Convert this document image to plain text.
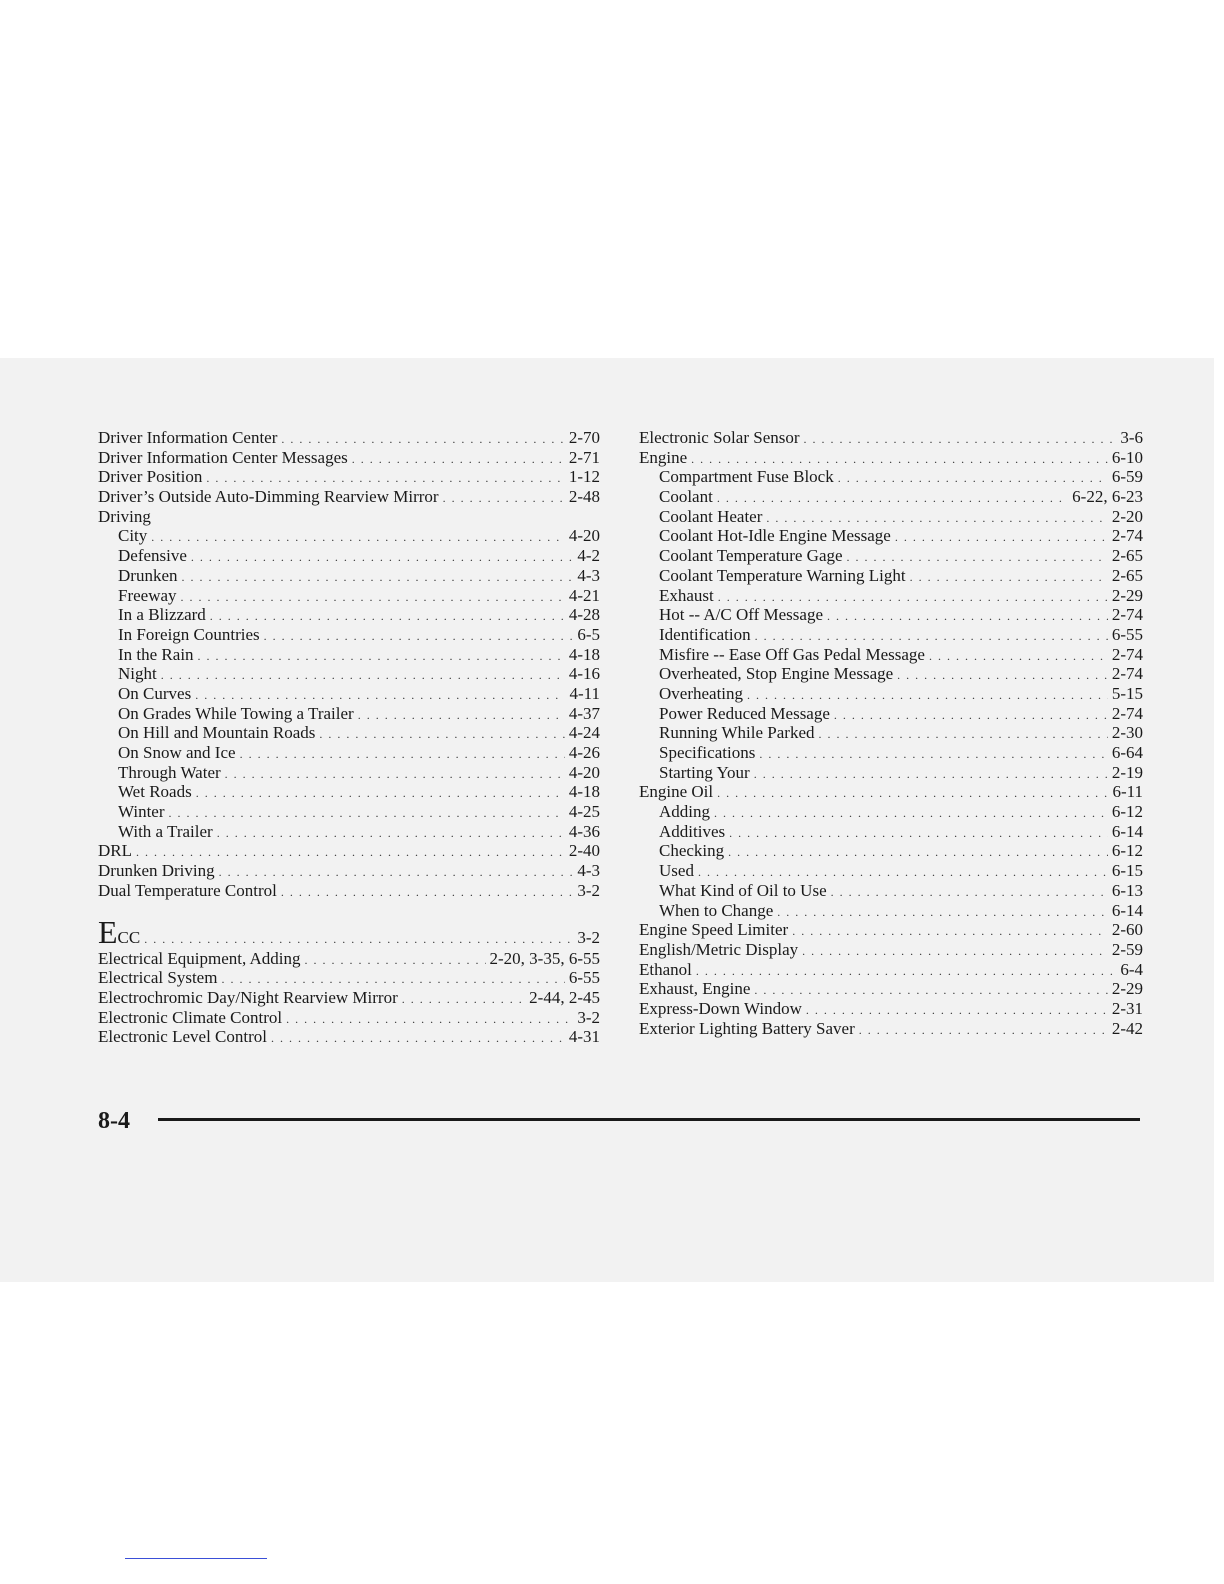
Driver Information Center . . .	2-70
Driver Information Center Messages . . .	2-71
Driver Position . . .	1-12
Driver’s Outside Auto-Dimming Rearview Mirror . . .	2-48
Driving
City . . .	4-20
Defensive . . .	4-2
Drunken . . .	4-3
Freeway . . .	4-21
In a Blizzard . . .	4-28
In Foreign Countries . . .	6-5
In the Rain . . .	4-18
Night . . .	4-16
On Curves . . .	4-11
On Grades While Towing a Trailer . . .	4-37
On Hill and Mountain Roads . . .	4-24
On Snow and Ice . . .	4-26
Through Water . . .	4-20
Wet Roads . . .	4-18
Winter . . .	4-25
With a Trailer . . .	4-36
DRL . . .	2-40
Drunken Driving . . .	4-3
Dual Temperature Control . . .	3-2
ECC . . .	3-2
Electrical Equipment, Adding . . .	2-20, 3-35, 6-55
Electrical System . . .	6-55
Electrochromic Day/Night Rearview Mirror . . .	2-44, 2-45
Electronic Climate Control . . .	3-2
Electronic Level Control . . .	4-31
Electronic Solar Sensor . . .	3-6
Engine . . .	6-10
Compartment Fuse Block . . .	6-59
Coolant . . .	6-22, 6-23
Coolant Heater . . .	2-20
Coolant Hot-Idle Engine Message . . .	2-74
Coolant Temperature Gage . . .	2-65
Coolant Temperature Warning Light . . .	2-65
Exhaust . . .	2-29
Hot -- A/C Off Message . . .	2-74
Identification . . .	6-55
Misfire -- Ease Off Gas Pedal Message . . .	2-74
Overheated, Stop Engine Message . . .	2-74
Overheating . . .	5-15
Power Reduced Message . . .	2-74
Running While Parked . . .	2-30
Specifications . . .	6-64
Starting Your . . .	2-19
Engine Oil . . .	6-11
Adding . . .	6-12
Additives . . .	6-14
Checking . . .	6-12
Used . . .	6-15
What Kind of Oil to Use . . .	6-13
When to Change . . .	6-14
Engine Speed Limiter . . .	2-60
English/Metric Display . . .	2-59
Ethanol . . .	6-4
Exhaust, Engine . . .	2-29
Express-Down Window . . .	2-31
Exterior Lighting Battery Saver . . .	2-42
8-4
